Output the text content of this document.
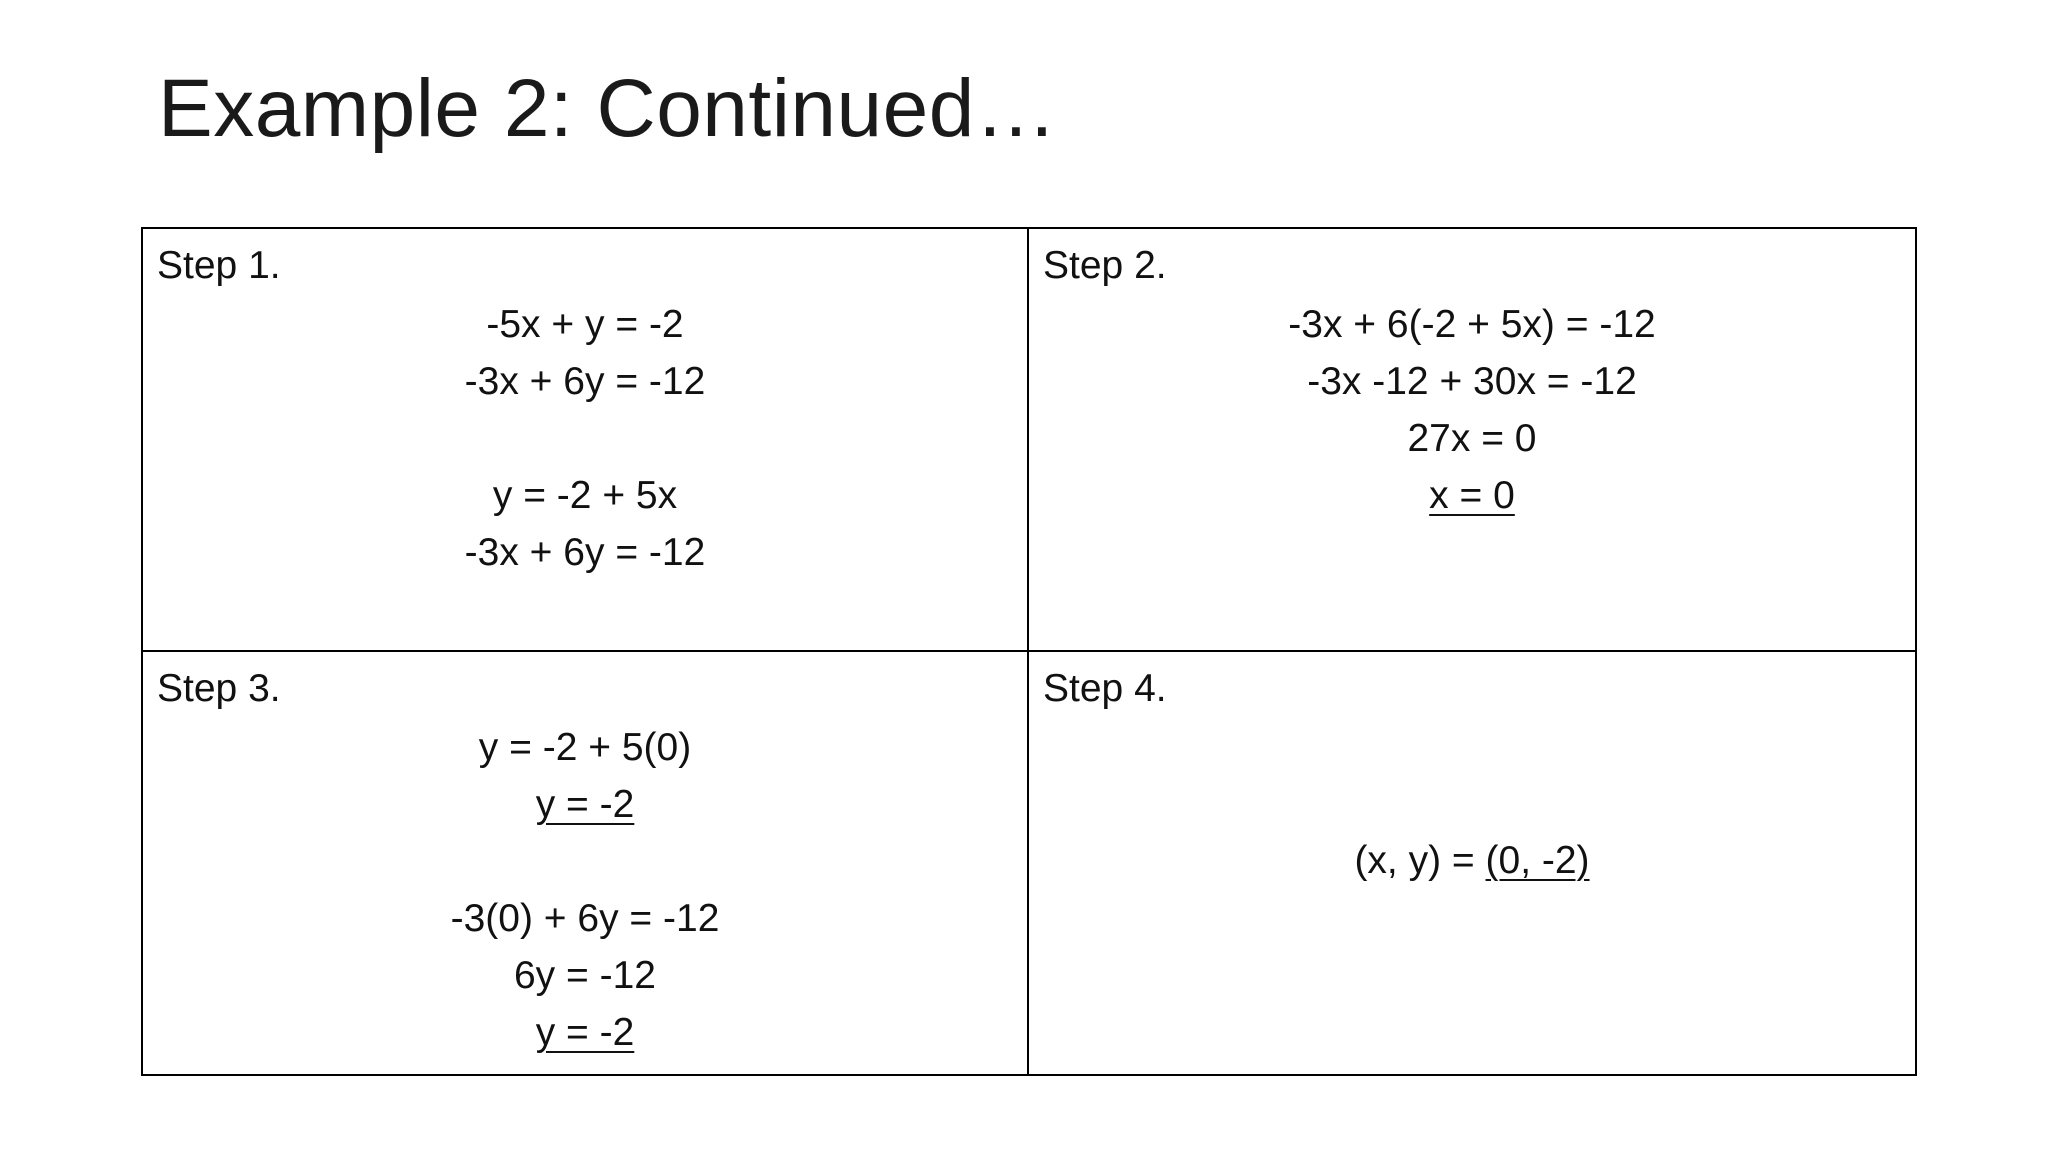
Example 2: Continued…
Step 1.
-5x + y = -2
-3x + 6y = -12
y = -2 + 5x
-3x + 6y = -12
Step 2.
-3x + 6(-2 + 5x) = -12
-3x -12 + 30x = -12
27x = 0
x = 0
Step 3.
y = -2 + 5(0)
y = -2
-3(0) + 6y = -12
6y = -12
y = -2
Step 4.
(x, y) = (0, -2)
